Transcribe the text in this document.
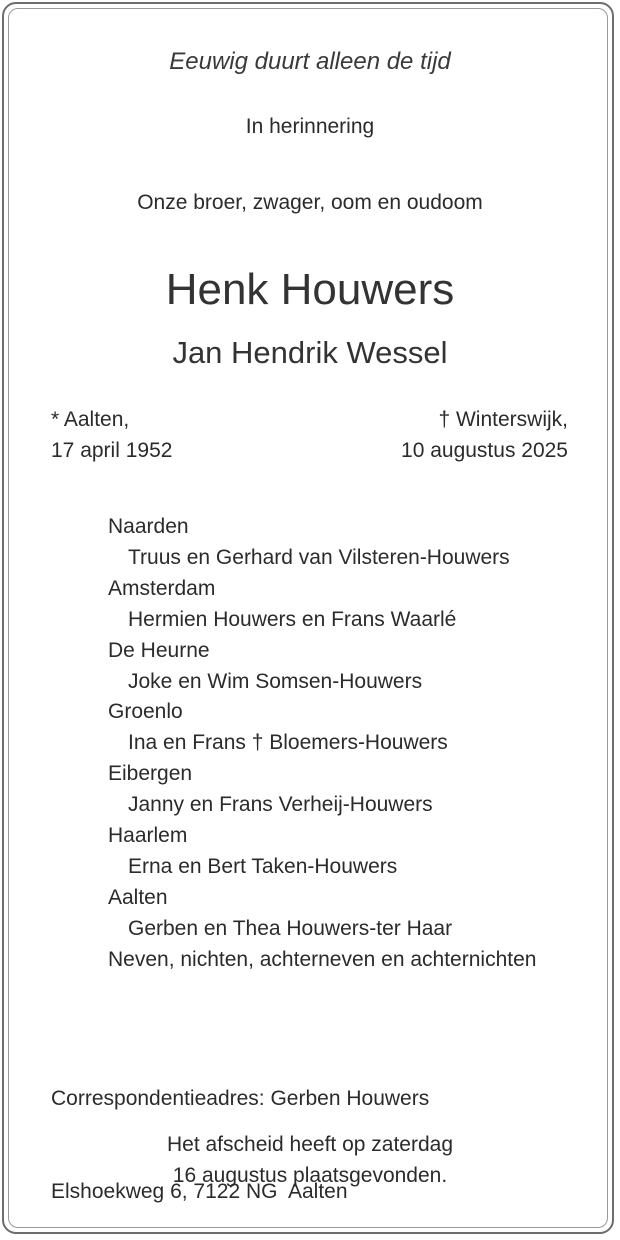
Eeuwig duurt alleen de tijd
In herinnering
Onze broer, zwager, oom en oudoom
Henk Houwers
Jan Hendrik Wessel
* Aalten,
17 april 1952
† Winterswijk,
10 augustus 2025
Naarden
Truus en Gerhard van Vilsteren-Houwers
Amsterdam
Hermien Houwers en Frans Waarlé
De Heurne
Joke en Wim Somsen-Houwers
Groenlo
Ina en Frans † Bloemers-Houwers
Eibergen
Janny en Frans Verheij-Houwers
Haarlem
Erna en Bert Taken-Houwers
Aalten
Gerben en Thea Houwers-ter Haar
Neven, nichten, achterneven en achternichten

Correspondentieadres: Gerben Houwers

Elshoekweg 6, 7122 NG  Aalten

Het afscheid heeft op zaterdag
16 augustus plaatsgevonden.
